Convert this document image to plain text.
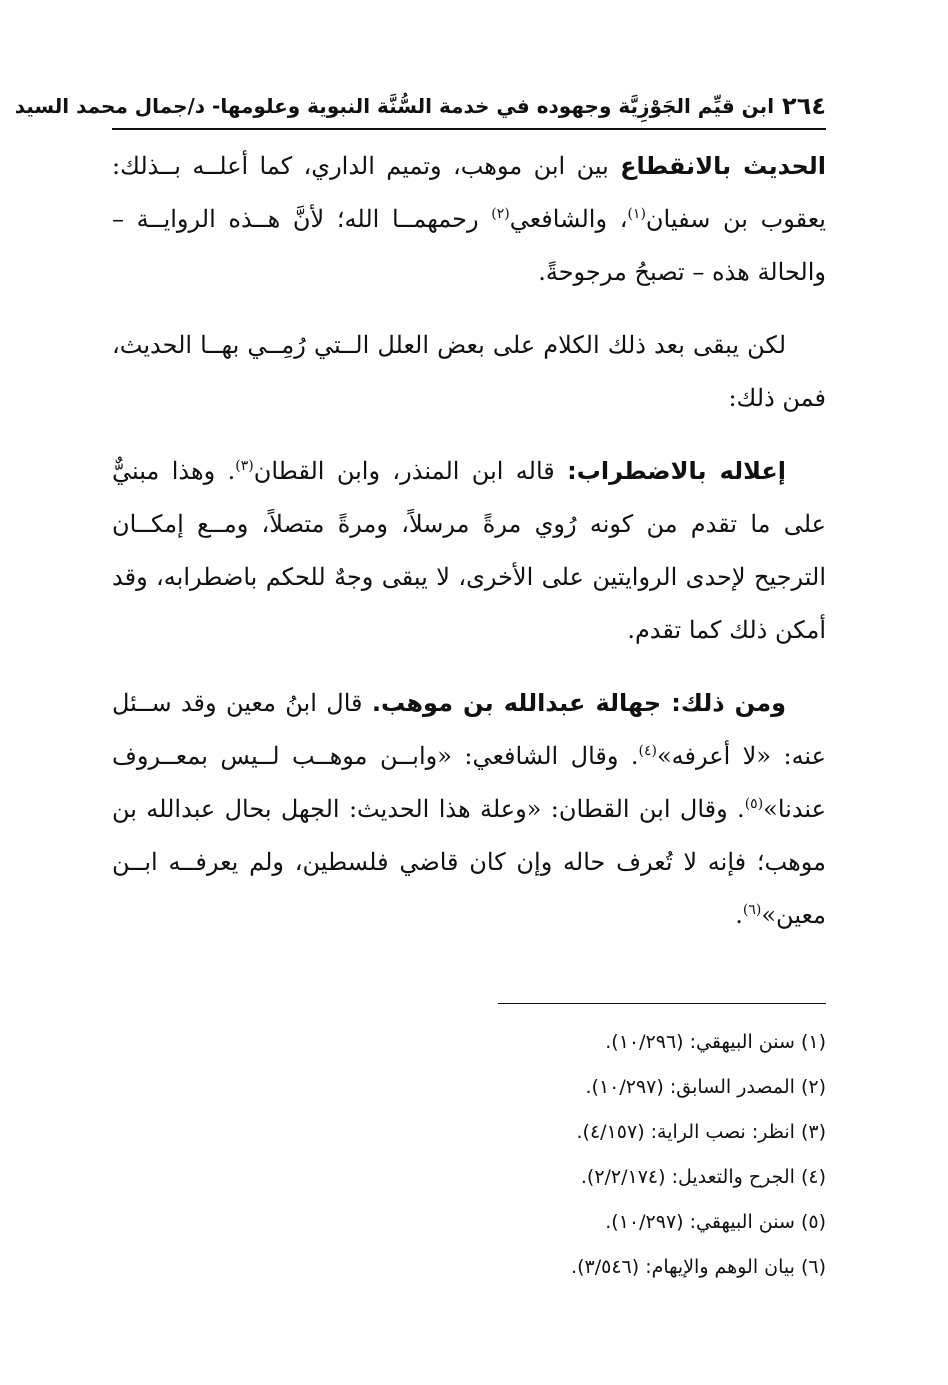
٢٦٤
ابن قيِّم الجَوْزِيَّة وجهوده في خدمة السُّنَّة النبوية وعلومها- د/جمال محمد السيد

الحديث بالانقطاع بين ابن موهب، وتميم الداري، كما أعلــه بــذلك: يعقوب بن سفيان$^{(١)}$، والشافعي$^{(٢)}$ رحمهمــا الله؛ لأنَّ هــذه الروايــة – والحالة هذه – تصبحُ مرجوحةً.

لكن يبقى بعد ذلك الكلام على بعض العلل الــتي رُمِــي بهــا الحديث، فمن ذلك:

إعلاله بالاضطراب: قاله ابن المنذر، وابن القطان$^{(٣)}$. وهذا مبنيٌّ على ما تقدم من كونه رُوي مرةً مرسلاً، ومرةً متصلاً، ومــع إمكــان الترجيح لإحدى الروايتين على الأخرى، لا يبقى وجهٌ للحكم باضطرابه، وقد أمكن ذلك كما تقدم.

ومن ذلك: جهالة عبدالله بن موهب. قال ابنُ معين وقد ســئل عنه: «لا أعرفه»$^{(٤)}$. وقال الشافعي: «وابــن موهــب لــيس بمعــروف عندنا»$^{(٥)}$. وقال ابن القطان: «وعلة هذا الحديث: الجهل بحال عبدالله بن موهب؛ فإنه لا تُعرف حاله وإن كان قاضي فلسطين، ولم يعرفــه ابــن معين»$^{(٦)}$.

(١) سنن البيهقي: (١٠/٢٩٦).
(٢) المصدر السابق: (١٠/٢٩٧).
(٣) انظر: نصب الراية: (٤/١٥٧).
(٤) الجرح والتعديل: (٢/٢/١٧٤).
(٥) سنن البيهقي: (١٠/٢٩٧).
(٦) بيان الوهم والإيهام: (٣/٥٤٦).
